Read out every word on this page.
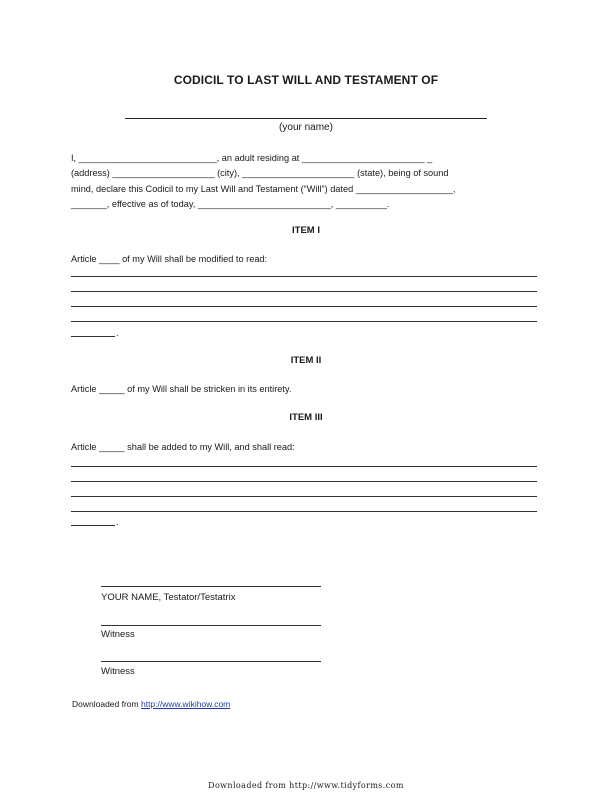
CODICIL TO LAST WILL AND TESTAMENT OF
(your name)
I, ___________________________, an adult residing at ________________________ _
(address) ____________________ (city), ______________________ (state), being of sound
mind, declare this Codicil to my Last Will and Testament (“Will”) dated ___________________,
_______, effective as of today, __________________________, __________.
ITEM I
Article ____ of my Will shall be modified to read:
.
ITEM II
Article _____ of my Will shall be stricken in its entirety.
ITEM III
Article _____ shall be added to my Will, and shall read:
.
YOUR NAME, Testator/Testatrix
Witness
Witness
Downloaded from http://www.wikihow.com
Downloaded from http://www.tidyforms.com
